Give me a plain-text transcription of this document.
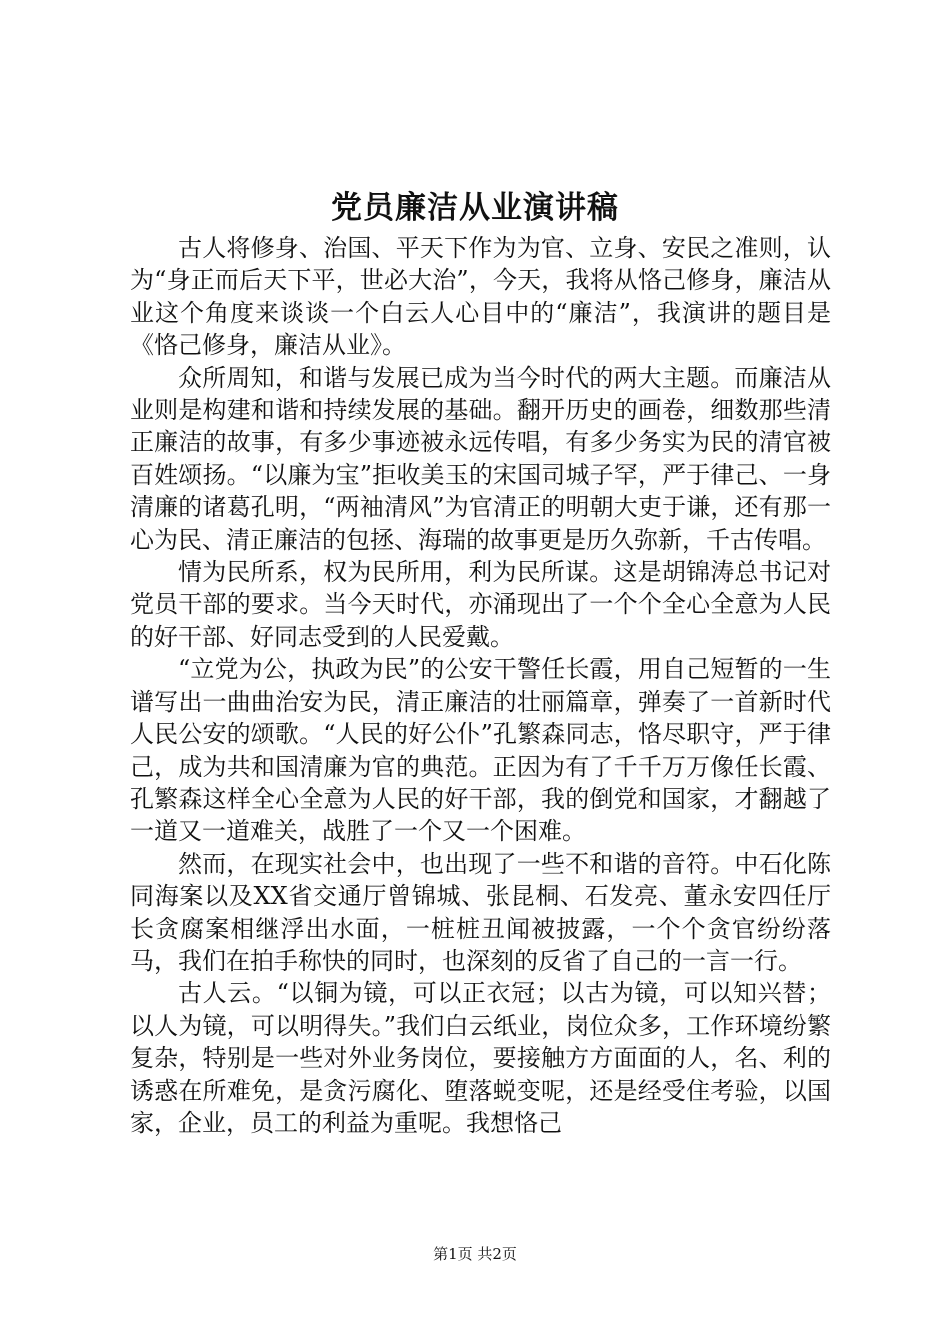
党员廉洁从业演讲稿

古人将修身、治国、平天下作为为官、立身、安民之准则，认为“身正而后天下平，世必大治”，今天，我将从恪己修身，廉洁从业这个角度来谈谈一个白云人心目中的“廉洁”，我演讲的题目是《恪己修身，廉洁从业》。

众所周知，和谐与发展已成为当今时代的两大主题。而廉洁从业则是构建和谐和持续发展的基础。翻开历史的画卷，细数那些清正廉洁的故事，有多少事迹被永远传唱，有多少务实为民的清官被百姓颂扬。“以廉为宝”拒收美玉的宋国司城子罕，严于律己、一身清廉的诸葛孔明，“两袖清风”为官清正的明朝大吏于谦，还有那一心为民、清正廉洁的包拯、海瑞的故事更是历久弥新，千古传唱。

情为民所系，权为民所用，利为民所谋。这是胡锦涛总书记对党员干部的要求。当今天时代，亦涌现出了一个个全心全意为人民的好干部、好同志受到的人民爱戴。

“立党为公，执政为民”的公安干警任长霞，用自己短暂的一生谱写出一曲曲治安为民，清正廉洁的壮丽篇章，弹奏了一首新时代人民公安的颂歌。“人民的好公仆”孔繁森同志，恪尽职守，严于律己，成为共和国清廉为官的典范。正因为有了千千万万像任长霞、孔繁森这样全心全意为人民的好干部，我的倒党和国家，才翻越了一道又一道难关，战胜了一个又一个困难。

然而，在现实社会中，也出现了一些不和谐的音符。中石化陈同海案以及XX省交通厅曾锦城、张昆桐、石发亮、董永安四任厅长贪腐案相继浮出水面，一桩桩丑闻被披露，一个个贪官纷纷落马，我们在拍手称快的同时，也深刻的反省了自己的一言一行。

古人云。“以铜为镜，可以正衣冠；以古为镜，可以知兴替；以人为镜，可以明得失。”我们白云纸业，岗位众多，工作环境纷繁复杂，特别是一些对外业务岗位，要接触方方面面的人，名、利的诱惑在所难免，是贪污腐化、堕落蜕变呢，还是经受住考验，以国家，企业，员工的利益为重呢。我想恪己

第1页 共2页
